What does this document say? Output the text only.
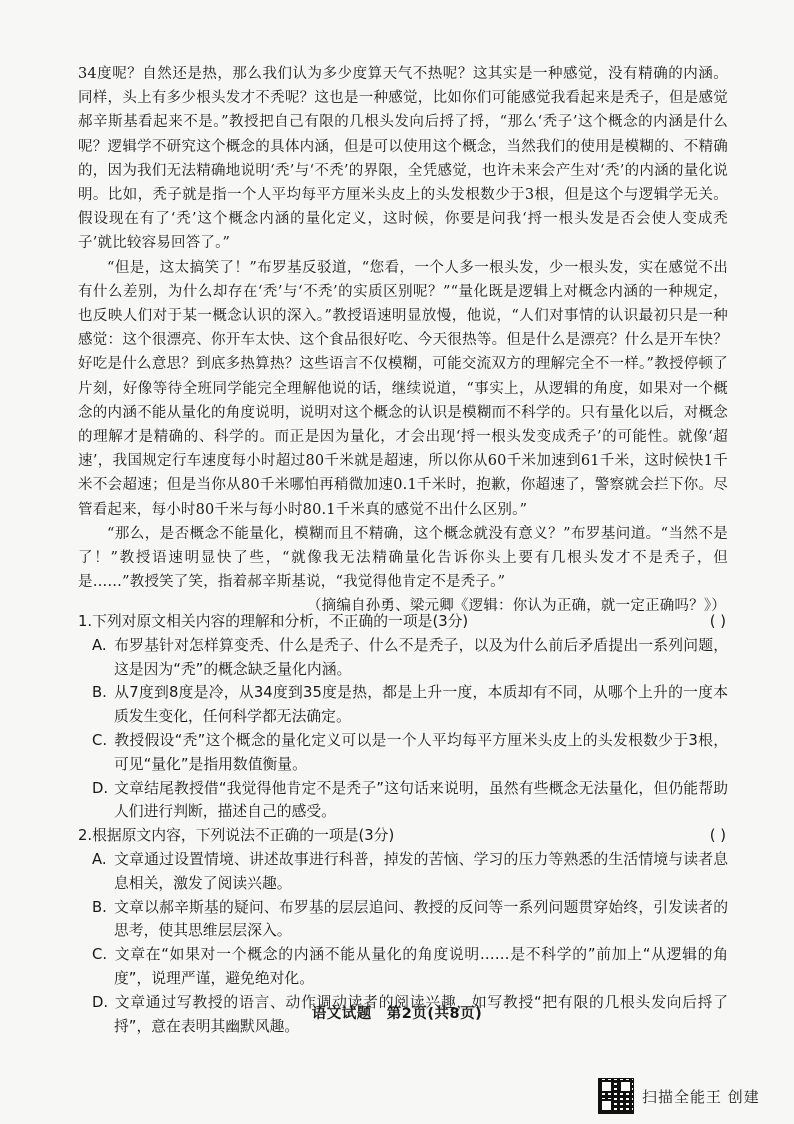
34度呢？自然还是热，那么我们认为多少度算天气不热呢？这其实是一种感觉，没有精确的内涵。同样，头上有多少根头发才不秃呢？这也是一种感觉，比如你们可能感觉我看起来是秃子，但是感觉郝辛斯基看起来不是。”教授把自己有限的几根头发向后捋了捋，“那么‘秃子’这个概念的内涵是什么呢？逻辑学不研究这个概念的具体内涵，但是可以使用这个概念，当然我们的使用是模糊的、不精确的，因为我们无法精确地说明‘秃’与‘不秃’的界限，全凭感觉，也许未来会产生对‘秃’的内涵的量化说明。比如，秃子就是指一个人平均每平方厘米头皮上的头发根数少于3根，但是这个与逻辑学无关。假设现在有了‘秃’这个概念内涵的量化定义，这时候，你要是问我‘捋一根头发是否会使人变成秃子’就比较容易回答了。”

“但是，这太搞笑了！”布罗基反驳道，“您看，一个人多一根头发，少一根头发，实在感觉不出有什么差别，为什么却存在‘秃’与‘不秃’的实质区别呢？”“量化既是逻辑上对概念内涵的一种规定，也反映人们对于某一概念认识的深入。”教授语速明显放慢，他说，“人们对事情的认识最初只是一种感觉：这个很漂亮、你开车太快、这个食品很好吃、今天很热等。但是什么是漂亮？什么是开车快？好吃是什么意思？到底多热算热？这些语言不仅模糊，可能交流双方的理解完全不一样。”教授停顿了片刻，好像等待全班同学能完全理解他说的话，继续说道，“事实上，从逻辑的角度，如果对一个概念的内涵不能从量化的角度说明，说明对这个概念的认识是模糊而不科学的。只有量化以后，对概念的理解才是精确的、科学的。而正是因为量化，才会出现‘捋一根头发变成秃子’的可能性。就像‘超速’，我国规定行车速度每小时超过80千米就是超速，所以你从60千米加速到61千米，这时候快1千米不会超速；但是当你从80千米哪怕再稍微加速0.1千米时，抱歉，你超速了，警察就会拦下你。尽管看起来，每小时80千米与每小时80.1千米真的感觉不出什么区别。”

“那么，是否概念不能量化，模糊而且不精确，这个概念就没有意义？”布罗基问道。“当然不是了！”教授语速明显快了些，“就像我无法精确量化告诉你头上要有几根头发才不是秃子，但是……”教授笑了笑，指着郝辛斯基说，“我觉得他肯定不是秃子。”

（摘编自孙勇、梁元卿《逻辑：你认为正确，就一定正确吗？》）

1.下列对原文相关内容的理解和分析，不正确的一项是(3分)	( )

A. 布罗基针对怎样算变秃、什么是秃子、什么不是秃子，以及为什么前后矛盾提出一系列问题，这是因为“秃”的概念缺乏量化内涵。

B. 从7度到8度是冷，从34度到35度是热，都是上升一度，本质却有不同，从哪个上升的一度本质发生变化，任何科学都无法确定。

C. 教授假设“秃”这个概念的量化定义可以是一个人平均每平方厘米头皮上的头发根数少于3根，可见“量化”是指用数值衡量。

D. 文章结尾教授借“我觉得他肯定不是秃子”这句话来说明，虽然有些概念无法量化，但仍能帮助人们进行判断，描述自己的感受。

2.根据原文内容，下列说法不正确的一项是(3分)	( )

A. 文章通过设置情境、讲述故事进行科普，掉发的苦恼、学习的压力等熟悉的生活情境与读者息息相关，激发了阅读兴趣。

B. 文章以郝辛斯基的疑问、布罗基的层层追问、教授的反问等一系列问题贯穿始终，引发读者的思考，使其思维层层深入。

C. 文章在“如果对一个概念的内涵不能从量化的角度说明……是不科学的”前加上“从逻辑的角度”，说理严谨，避免绝对化。

D. 文章通过写教授的语言、动作调动读者的阅读兴趣，如写教授“把有限的几根头发向后捋了捋”，意在表明其幽默风趣。

语文试题　第2页(共8页)
扫描全能王 创建
